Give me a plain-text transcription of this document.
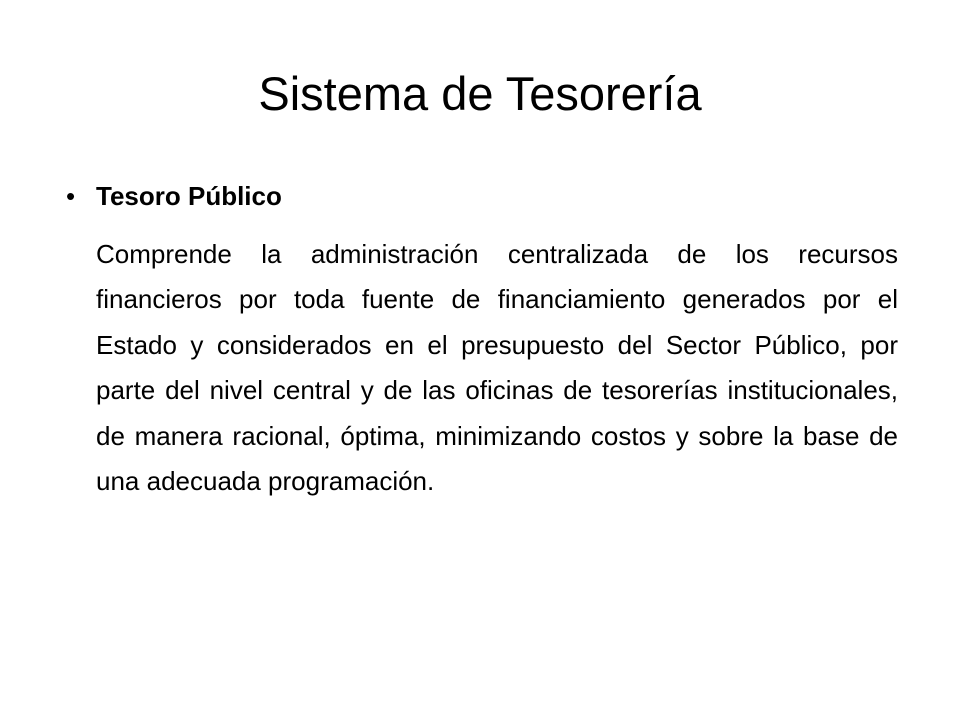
Sistema de Tesorería
• Tesoro Público

Comprende la administración centralizada de los recursos financieros por toda fuente de financiamiento generados por el Estado y considerados en el presupuesto del Sector Público, por parte del nivel central y de las oficinas de tesorerías institucionales, de manera racional, óptima, minimizando costos y sobre la base de una adecuada programación.
